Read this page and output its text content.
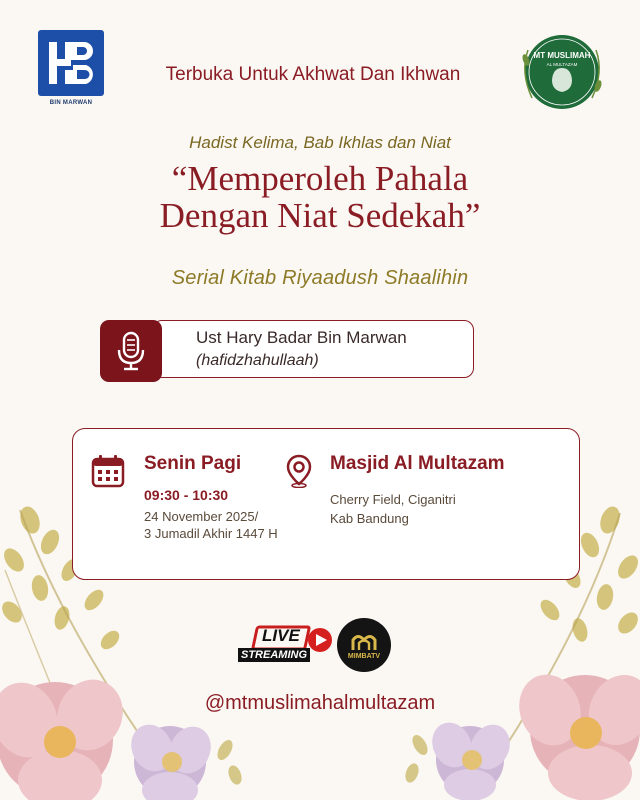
BIN MARWAN
MT MUSLIMAH
AL MULTAZAM
Terbuka Untuk Akhwat Dan Ikhwan
Hadist Kelima, Bab Ikhlas dan Niat
“Memperoleh Pahala
Dengan Niat Sedekah”
Serial Kitab Riyaadush Shaalihin
Ust Hary Badar Bin Marwan
(hafidzhahullaah)
Senin Pagi
09:30 - 10:30
24 November 2025/
3 Jumadil Akhir 1447 H
Masjid Al Multazam
Cherry Field, Ciganitri
Kab Bandung
LIVE
STREAMING	MIMBATV
@mtmuslimahalmultazam
